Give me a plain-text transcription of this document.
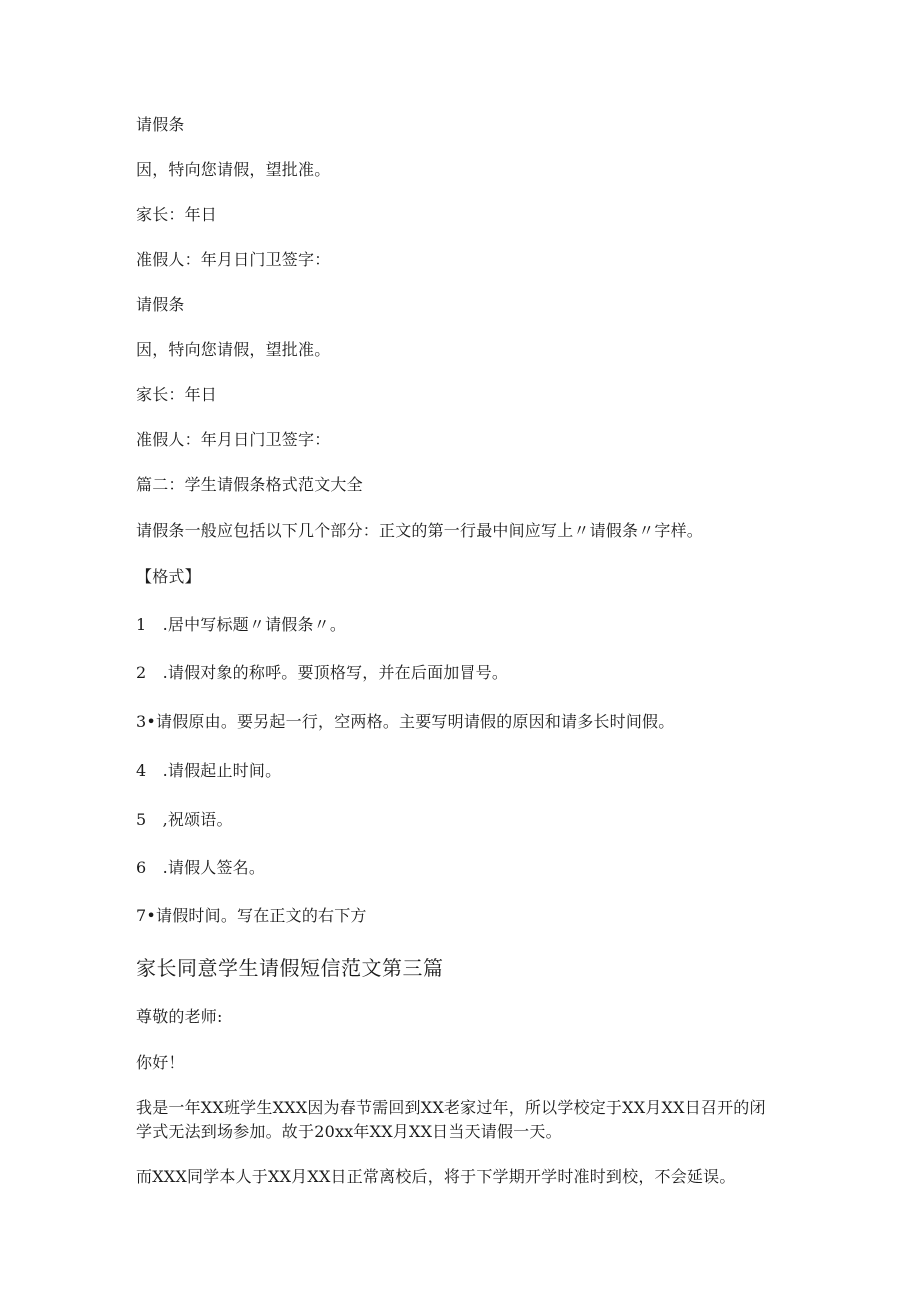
请假条

因，特向您请假，望批准。

家长：年日

准假人：年月日门卫签字：

请假条

因，特向您请假，望批准。

家长：年日

准假人：年月日门卫签字：

篇二：学生请假条格式范文大全

请假条一般应包括以下几个部分：正文的第一行最中间应写上〃请假条〃字样。

【格式】

1　.居中写标题〃请假条〃。

2　.请假对象的称呼。要顶格写，并在后面加冒号。

3•请假原由。要另起一行，空两格。主要写明请假的原因和请多长时间假。

4　.请假起止时间。

5　,祝颂语。

6　.请假人签名。

7•请假时间。写在正文的右下方

家长同意学生请假短信范文第三篇

尊敬的老师:

你好！

我是一年XX班学生XXX因为春节需回到XX老家过年，所以学校定于XX月XX日召开的闭学式无法到场参加。故于20xx年XX月XX日当天请假一天。

而XXX同学本人于XX月XX日正常离校后，将于下学期开学时准时到校，不会延误。
